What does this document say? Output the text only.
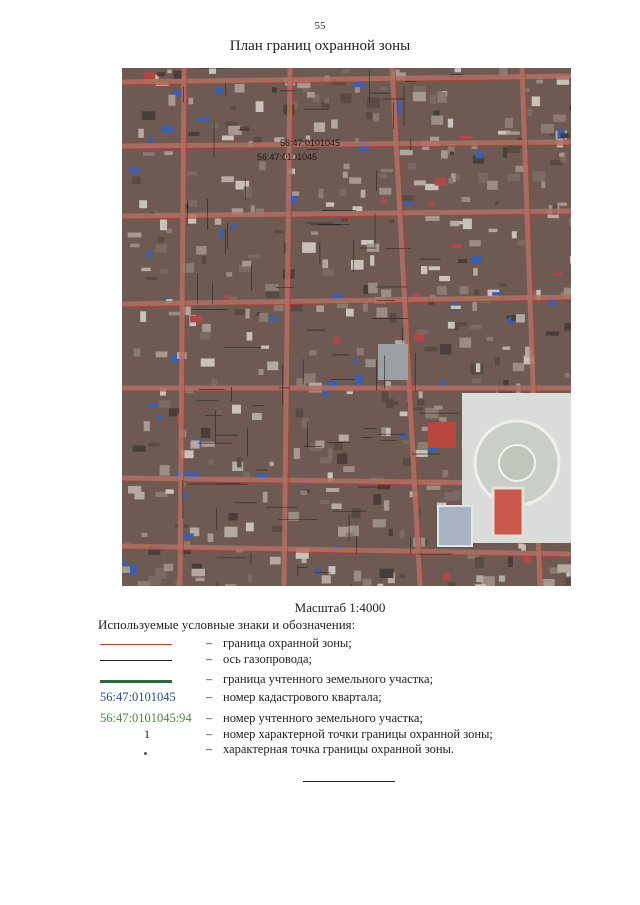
55
План границ охранной зоны
56:47:0101045
56:47:0101045
Масштаб 1:4000
Используемые условные знаки и обозначения:
– граница охранной зоны;
– ось газопровода;
– граница учтенного земельного участка;
56:47:0101045 – номер кадастрового квартала;
56:47:0101045:94 – номер учтенного земельного участка;
1	– номер характерной точки границы охранной зоны;
– характерная точка границы охранной зоны.
